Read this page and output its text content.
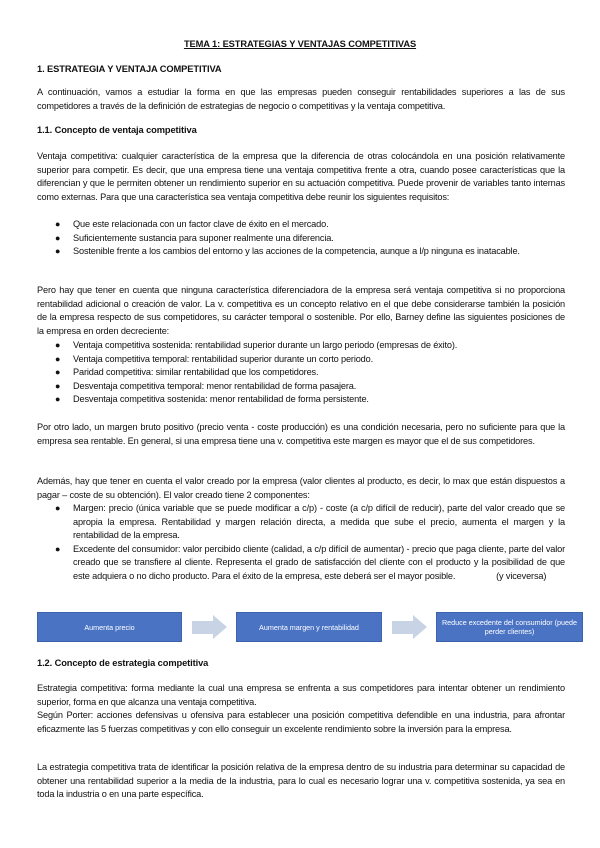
TEMA 1: ESTRATEGIAS Y VENTAJAS COMPETITIVAS
1. ESTRATEGIA Y VENTAJA COMPETITIVA
A continuación, vamos a estudiar la forma en que las empresas pueden conseguir rentabilidades superiores a las de sus competidores a través de la definición de estrategias de negocio o competitivas y la ventaja competitiva.
1.1. Concepto de ventaja competitiva
Ventaja competitiva: cualquier característica de la empresa que la diferencia de otras colocándola en una posición relativamente superior para competir. Es decir, que una empresa tiene una ventaja competitiva frente a otra, cuando posee características que la diferencian y que le permiten obtener un rendimiento superior en su actuación competitiva. Puede provenir de variables tanto internas como externas. Para que una característica sea ventaja competitiva debe reunir los siguientes requisitos:
● Que este relacionada con un factor clave de éxito en el mercado.
● Suficientemente sustancia para suponer realmente una diferencia.
● Sostenible frente a los cambios del entorno y las acciones de la competencia, aunque a l/p ninguna es inatacable.
Pero hay que tener en cuenta que ninguna característica diferenciadora de la empresa será ventaja competitiva si no proporciona rentabilidad adicional o creación de valor. La v. competitiva es un concepto relativo en el que debe considerarse también la posición de la empresa respecto de sus competidores, su carácter temporal o sostenible. Por ello, Barney define las siguientes posiciones de la empresa en orden decreciente:
● Ventaja competitiva sostenida: rentabilidad superior durante un largo periodo (empresas de éxito).
● Ventaja competitiva temporal: rentabilidad superior durante un corto periodo.
● Paridad competitiva: similar rentabilidad que los competidores.
● Desventaja competitiva temporal: menor rentabilidad de forma pasajera.
● Desventaja competitiva sostenida: menor rentabilidad de forma persistente.
Por otro lado, un margen bruto positivo (precio venta - coste producción) es una condición necesaria, pero no suficiente para que la empresa sea rentable. En general, si una empresa tiene una v. competitiva este margen es mayor que el de sus competidores.
Además, hay que tener en cuenta el valor creado por la empresa (valor clientes al producto, es decir, lo max que están dispuestos a pagar – coste de su obtención). El valor creado tiene 2 componentes:
● Margen: precio (única variable que se puede modificar a c/p) - coste (a c/p difícil de reducir), parte del valor creado que se apropia la empresa. Rentabilidad y margen relación directa, a medida que sube el precio, aumenta el margen y la rentabilidad de la empresa.
● Excedente del consumidor: valor percibido cliente (calidad, a c/p difícil de aumentar) - precio que paga cliente, parte del valor creado que se transfiere al cliente. Representa el grado de satisfacción del cliente con el producto y la posibilidad de que este adquiera o no dicho producto. Para el éxito de la empresa, este deberá ser el mayor posible.	(y viceversa)
Aumenta precio	Aumenta margen y rentabilidad	Reduce excedente del consumidor (puede perder clientes)
1.2. Concepto de estrategia competitiva
Estrategia competitiva: forma mediante la cual una empresa se enfrenta a sus competidores para intentar obtener un rendimiento superior, forma en que alcanza una ventaja competitiva.
Según Porter: acciones defensivas u ofensiva para establecer una posición competitiva defendible en una industria, para afrontar eficazmente las 5 fuerzas competitivas y con ello conseguir un excelente rendimiento sobre la inversión para la empresa.
La estrategia competitiva trata de identificar la posición relativa de la empresa dentro de su industria para determinar su capacidad de obtener una rentabilidad superior a la media de la industria, para lo cual es necesario lograr una v. competitiva sostenida, ya sea en toda la industria o en una parte específica.
